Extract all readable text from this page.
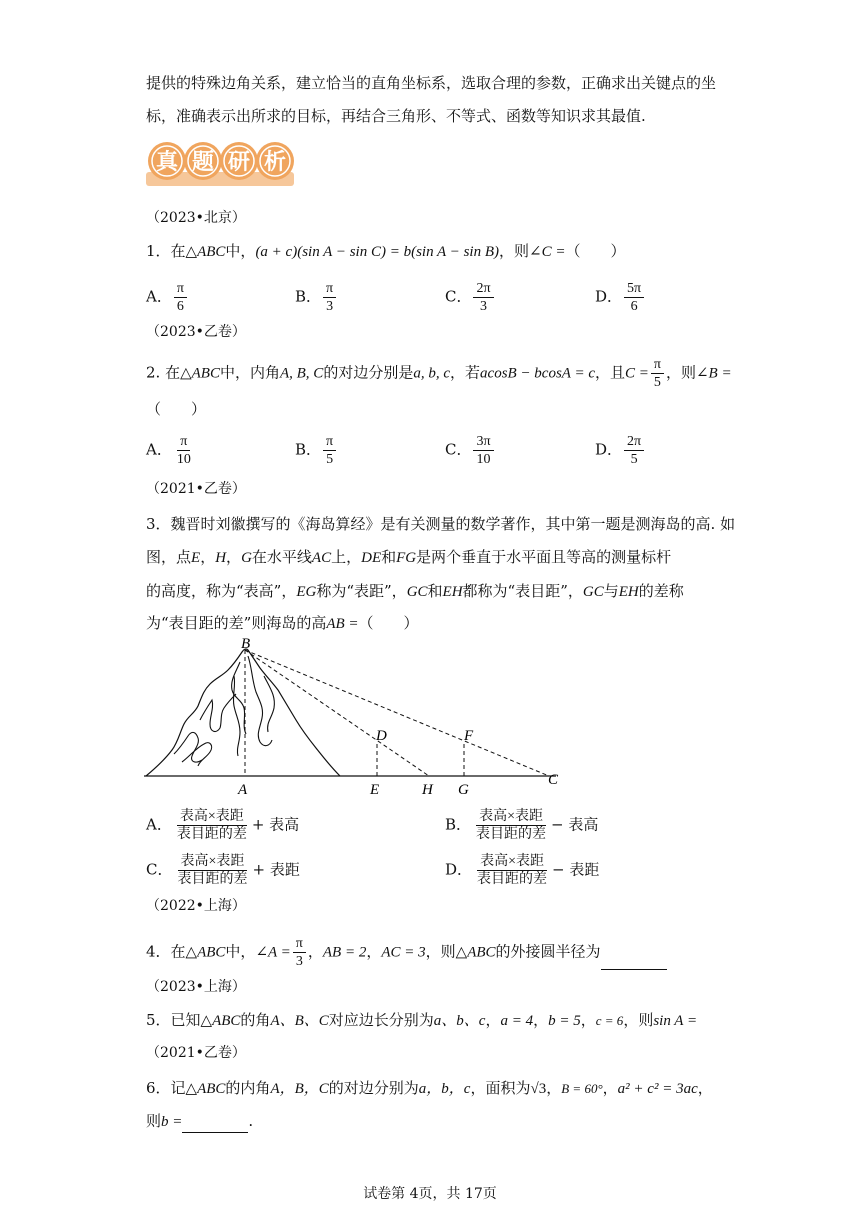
提供的特殊边角关系，建立恰当的直角坐标系，选取合理的参数，正确求出关键点的坐
标，准确表示出所求的目标，再结合三角形、不等式、函数等知识求其最值.
真 题 研 析
（2023•北京）
1．在△ABC中，(a + c)(sin A − sin C) = b(sin A − sin B)，则∠C =（　　）
A． $\frac{\pi}{6}$	B． $\frac{\pi}{3}$	C． $\frac{2\pi}{3}$	D． $\frac{5\pi}{6}$
（2023•乙卷）
2. 在△ABC中，内角A, B, C的对边分别是a, b, c，若acosB − bcosA = c，且$C = \frac{\pi}{5}$ ，则∠B =
（　　）
A． $\frac{\pi}{10}$	B． $\frac{\pi}{5}$	C． $\frac{3\pi}{10}$	D． $\frac{2\pi}{5}$
（2021•乙卷）
3．魏晋时刘徽撰写的《海岛算经》是有关测量的数学著作，其中第一题是测海岛的高. 如
图，点E，H，G在水平线AC上，DE和FG是两个垂直于水平面且等高的测量标杆
的高度，称为“表高”，EG称为“表距”，GC和EH都称为“表目距”，GC与EH的差称
为“表目距的差”则海岛的高AB =（　　）
B
A
D	F
E	H G
C
A． $\frac{\text{表高×表距}}{\text{表目距的差}}$ + 表高	B． $\frac{\text{表高×表距}}{\text{表目距的差}}$ − 表高
C． $\frac{\text{表高×表距}}{\text{表目距的差}}$ + 表距	D． $\frac{\text{表高×表距}}{\text{表目距的差}}$ − 表距
（2022•上海）
4．在△ABC中，∠A = $\frac{\pi}{3}$ ，AB = 2，AC = 3，则△ABC的外接圆半径为
（2023•上海）
5．已知△ABC的角A、B、C对应边长分别为a、b、c，a = 4，b = 5，c = 6，则sin A =
（2021•乙卷）
6．记△ABC的内角A，B，C的对边分别为a，b，c，面积为√3，B = 60°，a² + c² = 3ac，
则b =	.
试卷第 4页，共 17页
